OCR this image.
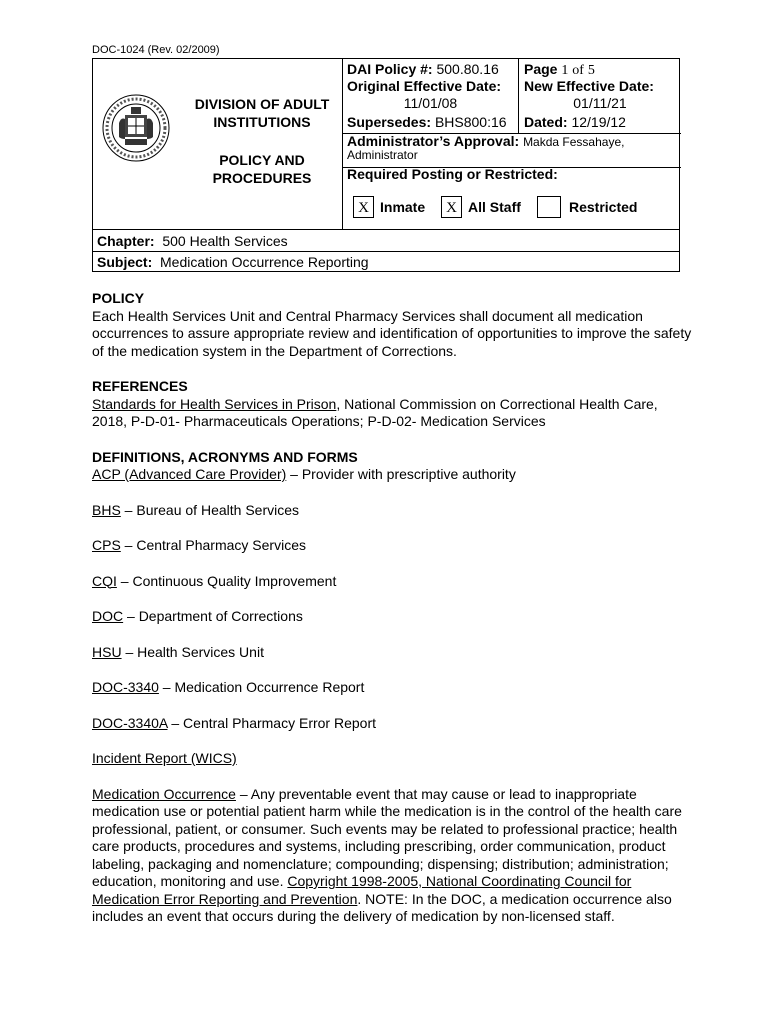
DOC-1024 (Rev. 02/2009)
DIVISION OF ADULT
INSTITUTIONS
POLICY AND
PROCEDURES
DAI Policy #: 500.80.16 Page 1 of 5
Original Effective Date:
11/01/08
New Effective Date:
01/11/21
Supersedes: BHS800:16 Dated: 12/19/12
Administrator’s Approval: Makda Fessahaye,
Administrator
Required Posting or Restricted:
X Inmate	X All Staff	Restricted
Chapter: 500 Health Services
Subject: Medication Occurrence Reporting

POLICY

Each Health Services Unit and Central Pharmacy Services shall document all medication occurrences to assure appropriate review and identification of opportunities to improve the safety of the medication system in the Department of Corrections.

REFERENCES

Standards for Health Services in Prison, National Commission on Correctional Health Care, 2018, P-D-01- Pharmaceuticals Operations; P-D-02- Medication Services

DEFINITIONS, ACRONYMS AND FORMS

ACP (Advanced Care Provider) – Provider with prescriptive authority

BHS – Bureau of Health Services

CPS – Central Pharmacy Services

CQI – Continuous Quality Improvement

DOC – Department of Corrections

HSU – Health Services Unit

DOC-3340 – Medication Occurrence Report

DOC-3340A – Central Pharmacy Error Report

Incident Report (WICS)

Medication Occurrence – Any preventable event that may cause or lead to inappropriate medication use or potential patient harm while the medication is in the control of the health care professional, patient, or consumer. Such events may be related to professional practice; health care products, procedures and systems, including prescribing, order communication, product labeling, packaging and nomenclature; compounding; dispensing; distribution; administration; education, monitoring and use. Copyright 1998-2005, National Coordinating Council for Medication Error Reporting and Prevention. NOTE: In the DOC, a medication occurrence also includes an event that occurs during the delivery of medication by non-licensed staff.
